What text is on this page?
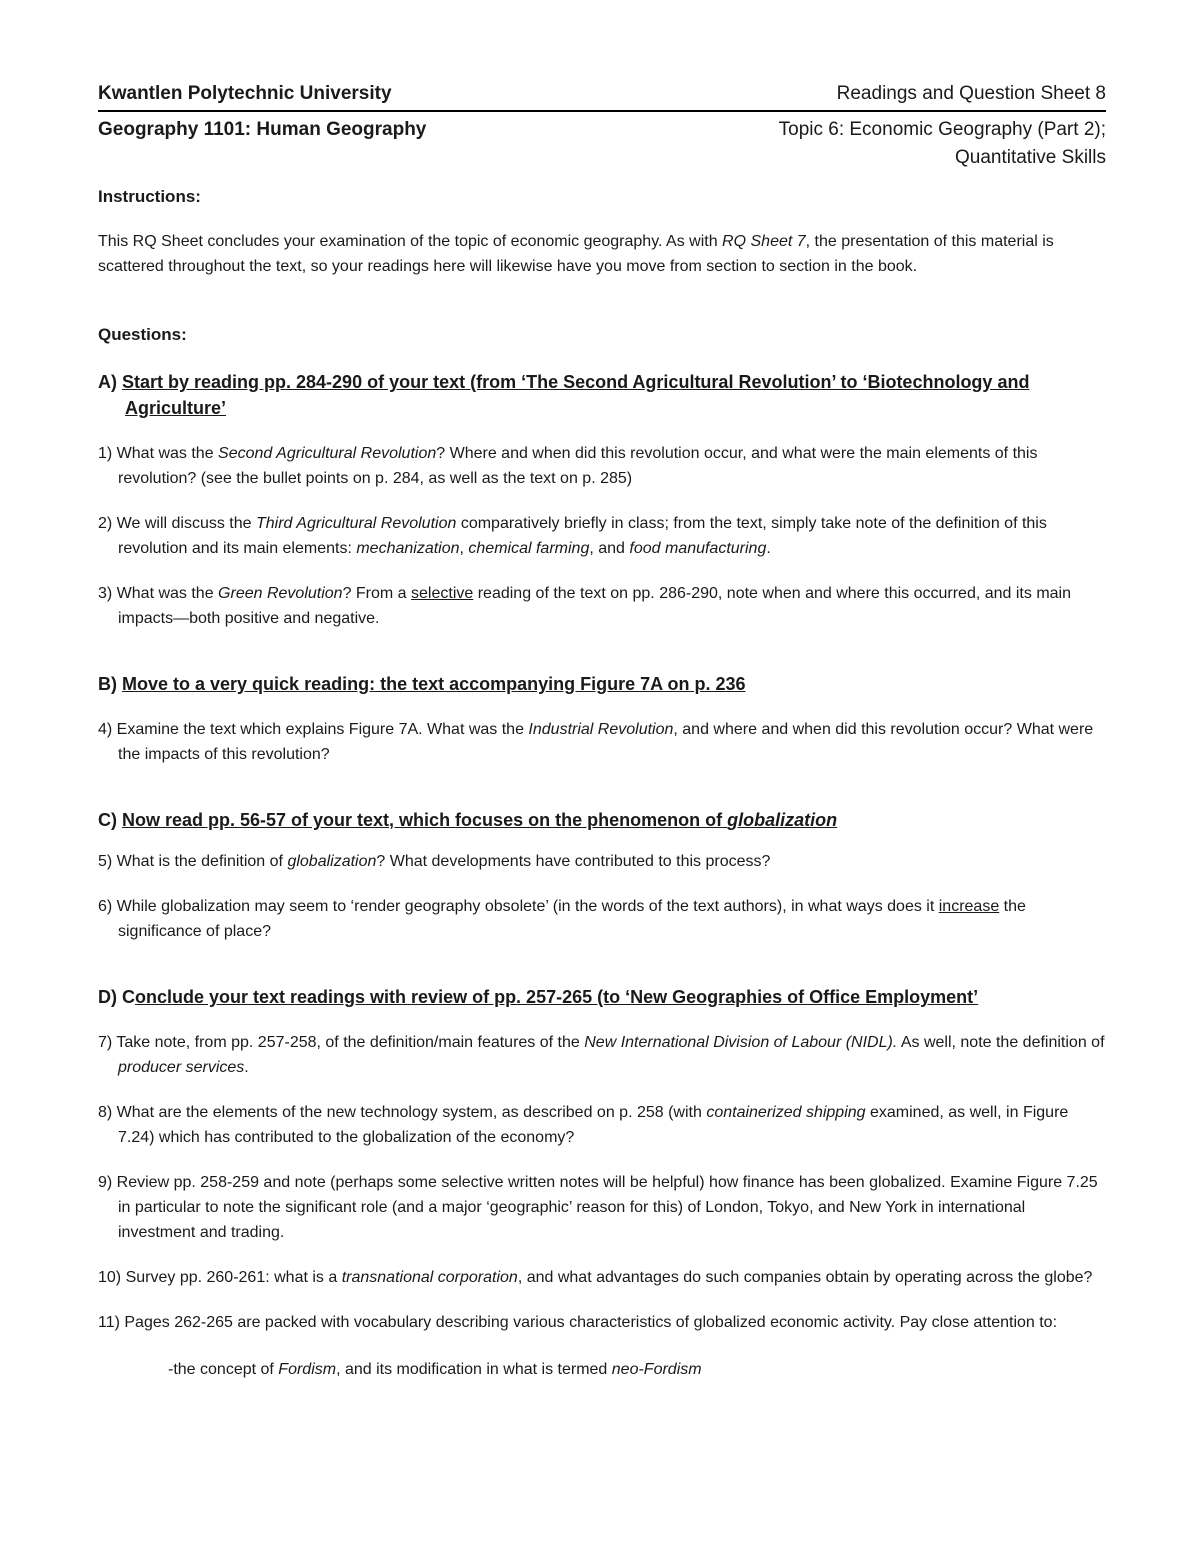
Kwantlen Polytechnic University	Readings and Question Sheet 8
Geography 1101: Human Geography	Topic 6: Economic Geography (Part 2);
Quantitative Skills

Instructions:

This RQ Sheet concludes your examination of the topic of economic geography. As with RQ Sheet 7, the presentation of this material is scattered throughout the text, so your readings here will likewise have you move from section to section in the book.

Questions:

A) Start by reading pp. 284-290 of your text (from ‘The Second Agricultural Revolution’ to ‘Biotechnology and Agriculture’

1) What was the Second Agricultural Revolution? Where and when did this revolution occur, and what were the main elements of this revolution? (see the bullet points on p. 284, as well as the text on p. 285)

2) We will discuss the Third Agricultural Revolution comparatively briefly in class; from the text, simply take note of the definition of this revolution and its main elements: mechanization, chemical farming, and food manufacturing.

3) What was the Green Revolution? From a selective reading of the text on pp. 286-290, note when and where this occurred, and its main impacts—both positive and negative.

B) Move to a very quick reading: the text accompanying Figure 7A on p. 236

4) Examine the text which explains Figure 7A. What was the Industrial Revolution, and where and when did this revolution occur? What were the impacts of this revolution?

C) Now read pp. 56-57 of your text, which focuses on the phenomenon of globalization

5) What is the definition of globalization? What developments have contributed to this process?

6) While globalization may seem to ‘render geography obsolete’ (in the words of the text authors), in what ways does it increase the significance of place?

D) Conclude your text readings with review of pp. 257-265 (to ‘New Geographies of Office Employment’

7) Take note, from pp. 257-258, of the definition/main features of the New International Division of Labour (NIDL). As well, note the definition of producer services.

8) What are the elements of the new technology system, as described on p. 258 (with containerized shipping examined, as well, in Figure 7.24) which has contributed to the globalization of the economy?

9) Review pp. 258-259 and note (perhaps some selective written notes will be helpful) how finance has been globalized. Examine Figure 7.25 in particular to note the significant role (and a major ‘geographic’ reason for this) of London, Tokyo, and New York in international investment and trading.

10) Survey pp. 260-261: what is a transnational corporation, and what advantages do such companies obtain by operating across the globe?

11) Pages 262-265 are packed with vocabulary describing various characteristics of globalized economic activity. Pay close attention to:

-the concept of Fordism, and its modification in what is termed neo-Fordism
